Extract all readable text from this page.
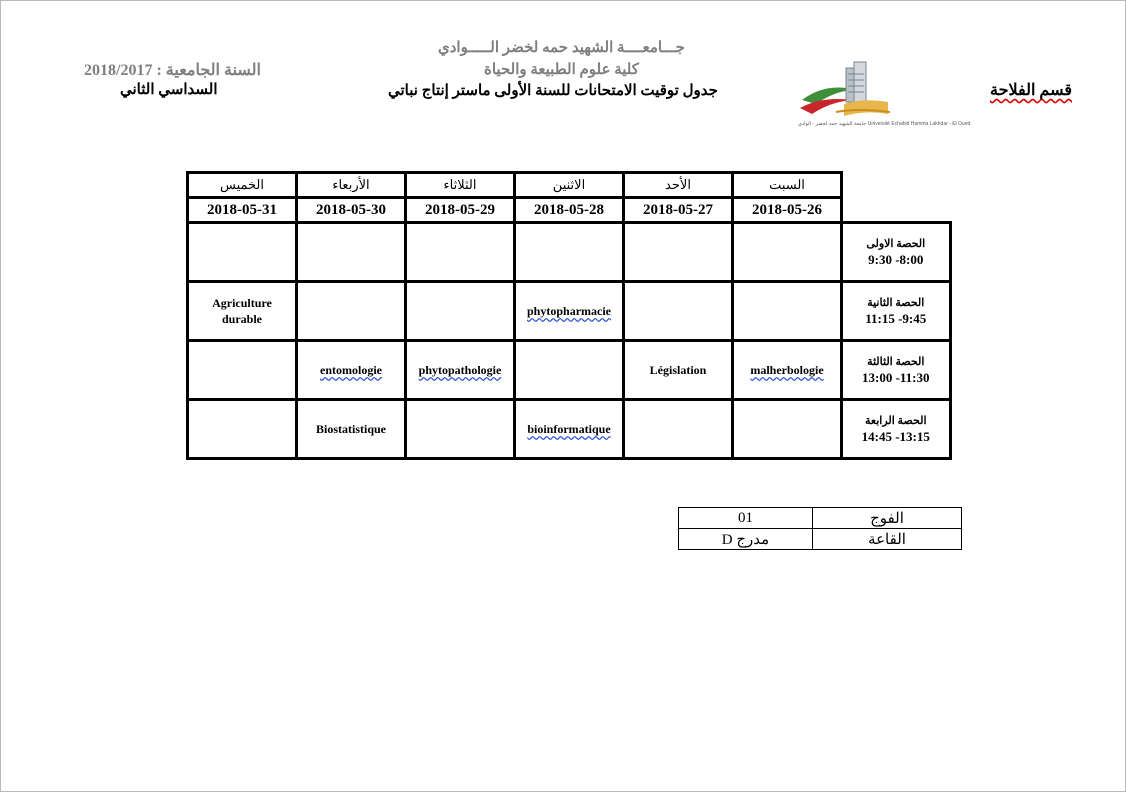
جـــامعــــة الشهيد حمه لخضر الـــــوادي
كلية علوم الطبيعة والحياة
السنة الجامعية : 2018/2017
السداسي الثاني	جدول توقيت الامتحانات للسنة الأولى ماستر إنتاج نباتي	قسم الفلاحة
جامعة الشهيد حمه لخضر - الوادي Université Echahid Hamma Lakhdar - El Oued
الخميس	الأربعاء	الثلاثاء	الاثنين	الأحد	السبت	
2018-05-31	2018-05-30	2018-05-29	2018-05-28	2018-05-27	2018-05-26	

						الحصة الاولى
9:30 -8:00

Agriculture durable			phytopharmacie			الحصة الثانية
11:15 -9:45

	entomologie	phytopathologie		Législation	malherbologie	الحصة الثالثة
13:00 -11:30

	Biostatistique		bioinformatique			الحصة الرابعة
14:45 -13:15
01	الفوج
مدرج D	القاعة
